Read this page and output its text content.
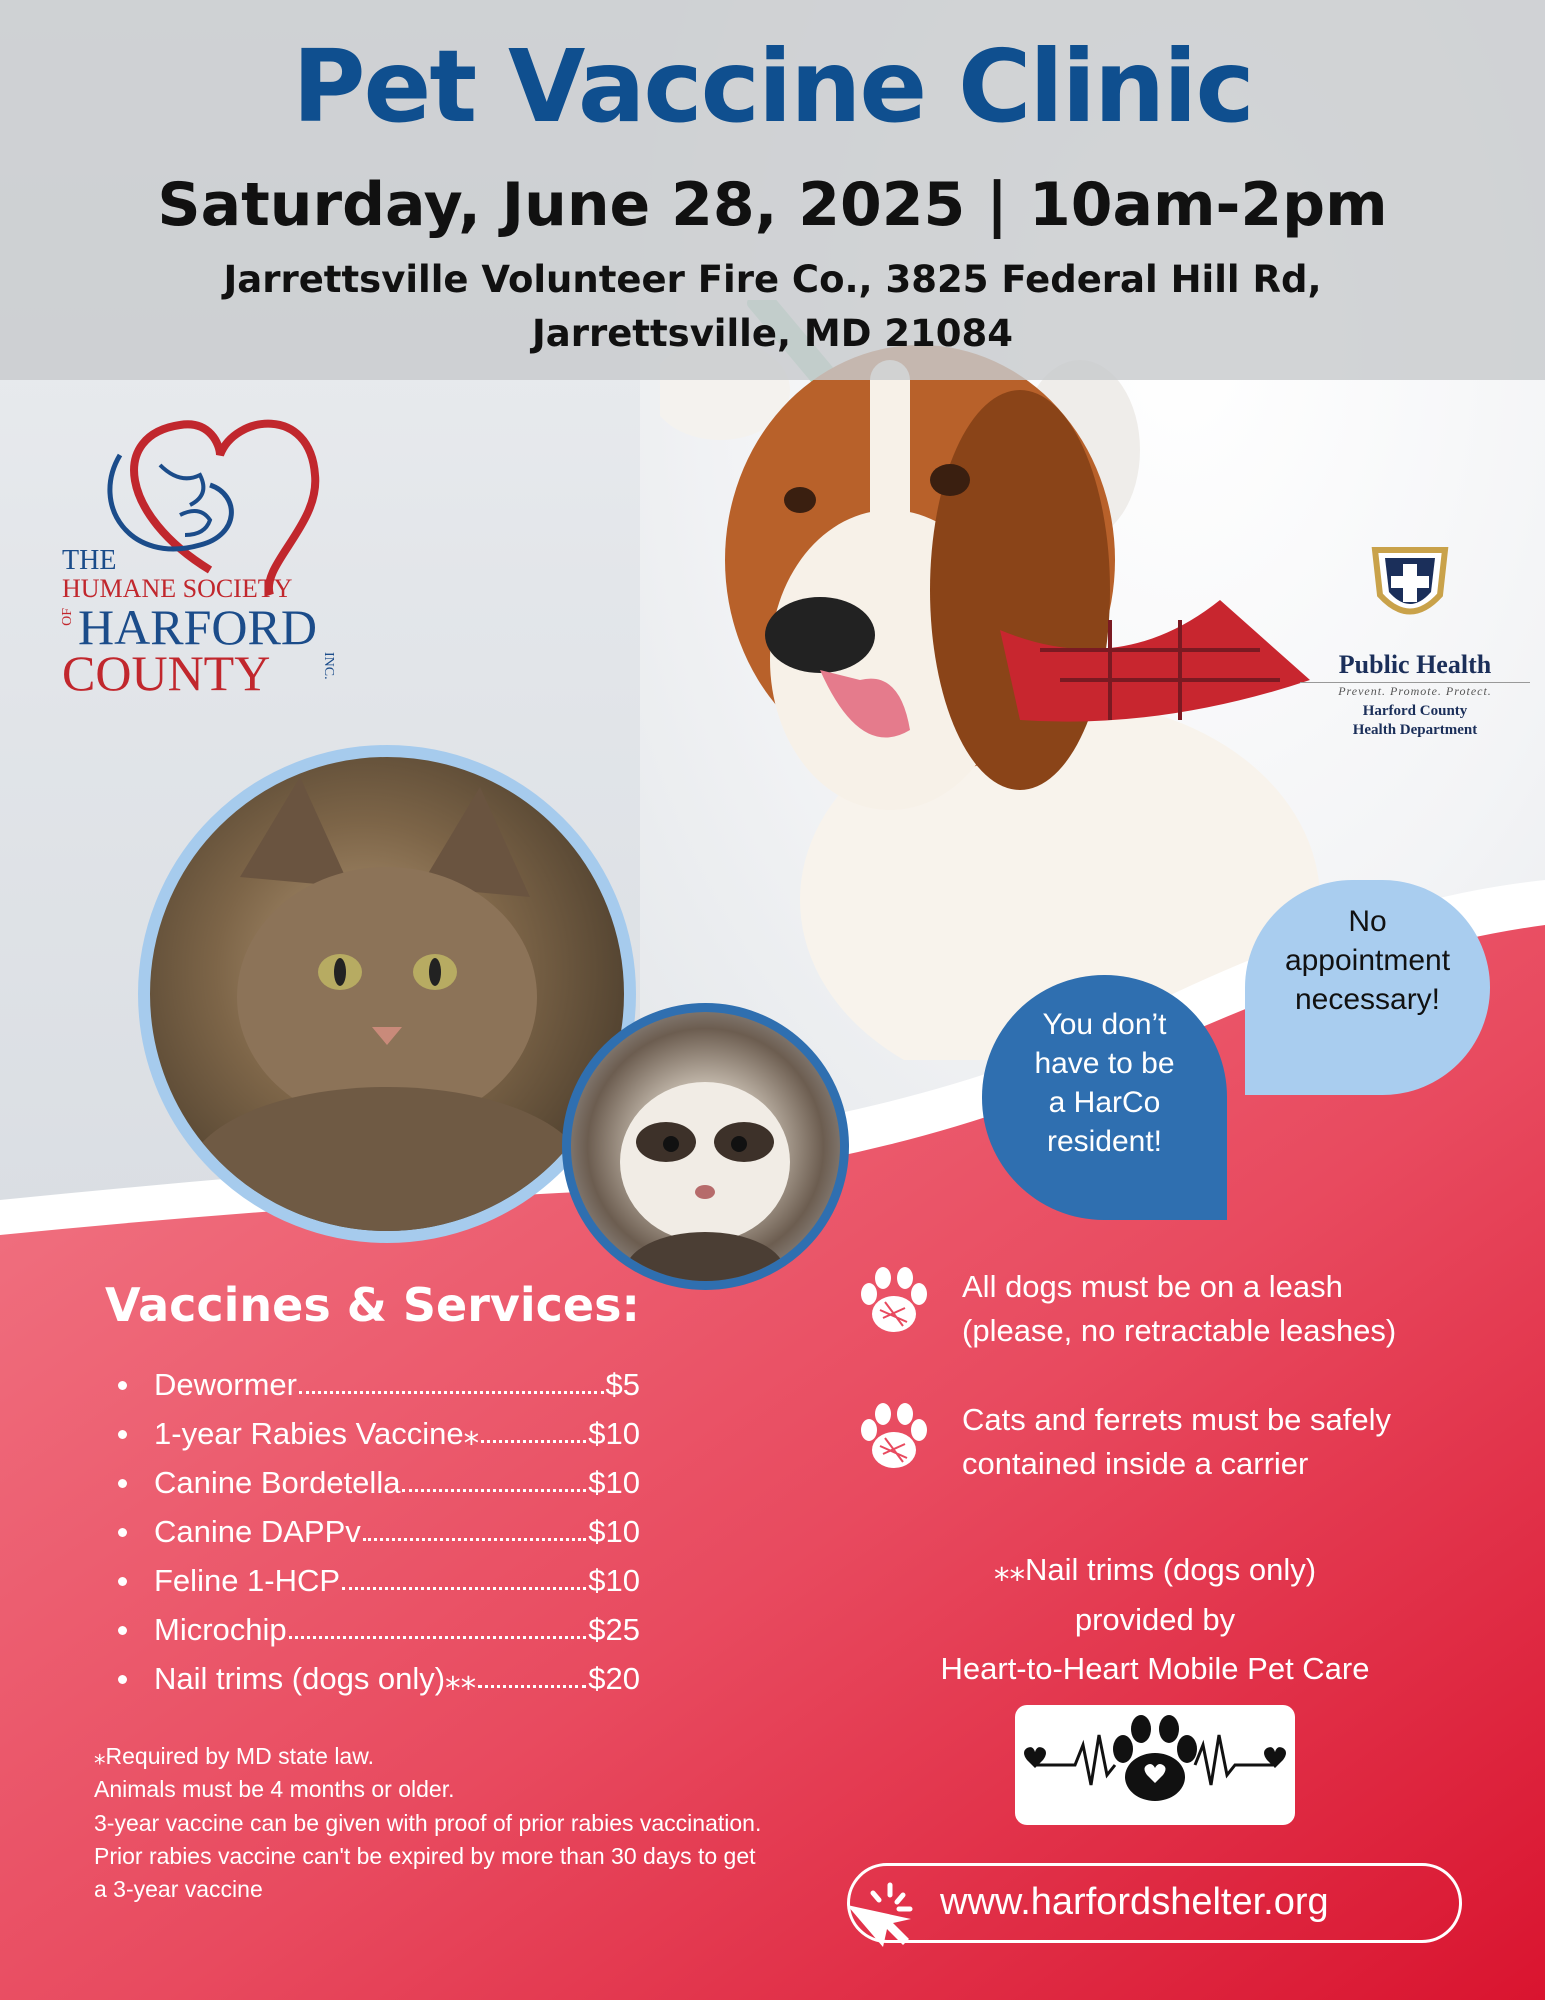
Pet Vaccine Clinic
Saturday, June 28, 2025 | 10am-2pm
Jarrettsville Volunteer Fire Co., 3825 Federal Hill Rd,
Jarrettsville, MD 21084
THE
HUMANE SOCIETY
OF HARFORD
COUNTY	INC.	Public Health
Prevent. Promote. Protect.
Harford County
Health Department
You don’t
have to be
a HarCo
resident!
No
appointment
necessary!
Vaccines & Services:
Dewormer	$5
1-year Rabies Vaccine⁎	$10
Canine Bordetella	$10
Canine DAPPv	$10
Feline 1-HCP	$10
Microchip	$25
Nail trims (dogs only)⁎⁎	$20
⁎Required by MD state law.
Animals must be 4 months or older.
3-year vaccine can be given with proof of prior rabies vaccination.
Prior rabies vaccine can't be expired by more than 30 days to get a 3-year vaccine
All dogs must be on a leash
(please, no retractable leashes)
Cats and ferrets must be safely
contained inside a carrier
⁎⁎Nail trims (dogs only)
provided by
Heart-to-Heart Mobile Pet Care
www.harfordshelter.org
